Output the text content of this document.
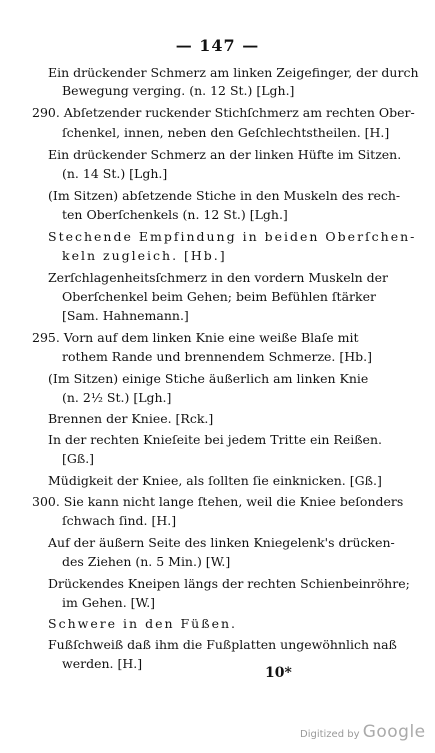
— 147 —
Ein drückender Schmerz am linken Zeigefinger, der durch
Bewegung verging. (n. 12 St.) [Lgh.]
290. Abſetzender ruckender Stichſchmerz am rechten Ober-
ſchenkel, innen, neben den Geſchlechtstheilen. [H.]
Ein drückender Schmerz an der linken Hüfte im Sitzen.
(n. 14 St.) [Lgh.]
(Im Sitzen) abſetzende Stiche in den Muskeln des rech-
ten Oberſchenkels (n. 12 St.) [Lgh.]
Stechende Empfindung in beiden Oberſchen-
keln zugleich. [Hb.]
Zerſchlagenheitsſchmerz in den vordern Muskeln der
Oberſchenkel beim Gehen; beim Befühlen ſtärker
[Sam. Hahnemann.]
295. Vorn auf dem linken Knie eine weiße Blaſe mit
rothem Rande und brennendem Schmerze. [Hb.]
(Im Sitzen) einige Stiche äußerlich am linken Knie
(n. 2½ St.) [Lgh.]
Brennen der Kniee. [Rck.]
In der rechten Knieſeite bei jedem Tritte ein Reißen.
[Gß.]
Müdigkeit der Kniee, als ſollten ſie einknicken. [Gß.]
300. Sie kann nicht lange ſtehen, weil die Kniee beſonders
ſchwach ſind. [H.]
Auf der äußern Seite des linken Kniegelenk's drücken-
des Ziehen (n. 5 Min.) [W.]
Drückendes Kneipen längs der rechten Schienbeinröhre;
im Gehen. [W.]
Schwere in den Füßen.
Fußſchweiß daß ihm die Fußplatten ungewöhnlich naß
werden. [H.]
10*
Digitized by Google
